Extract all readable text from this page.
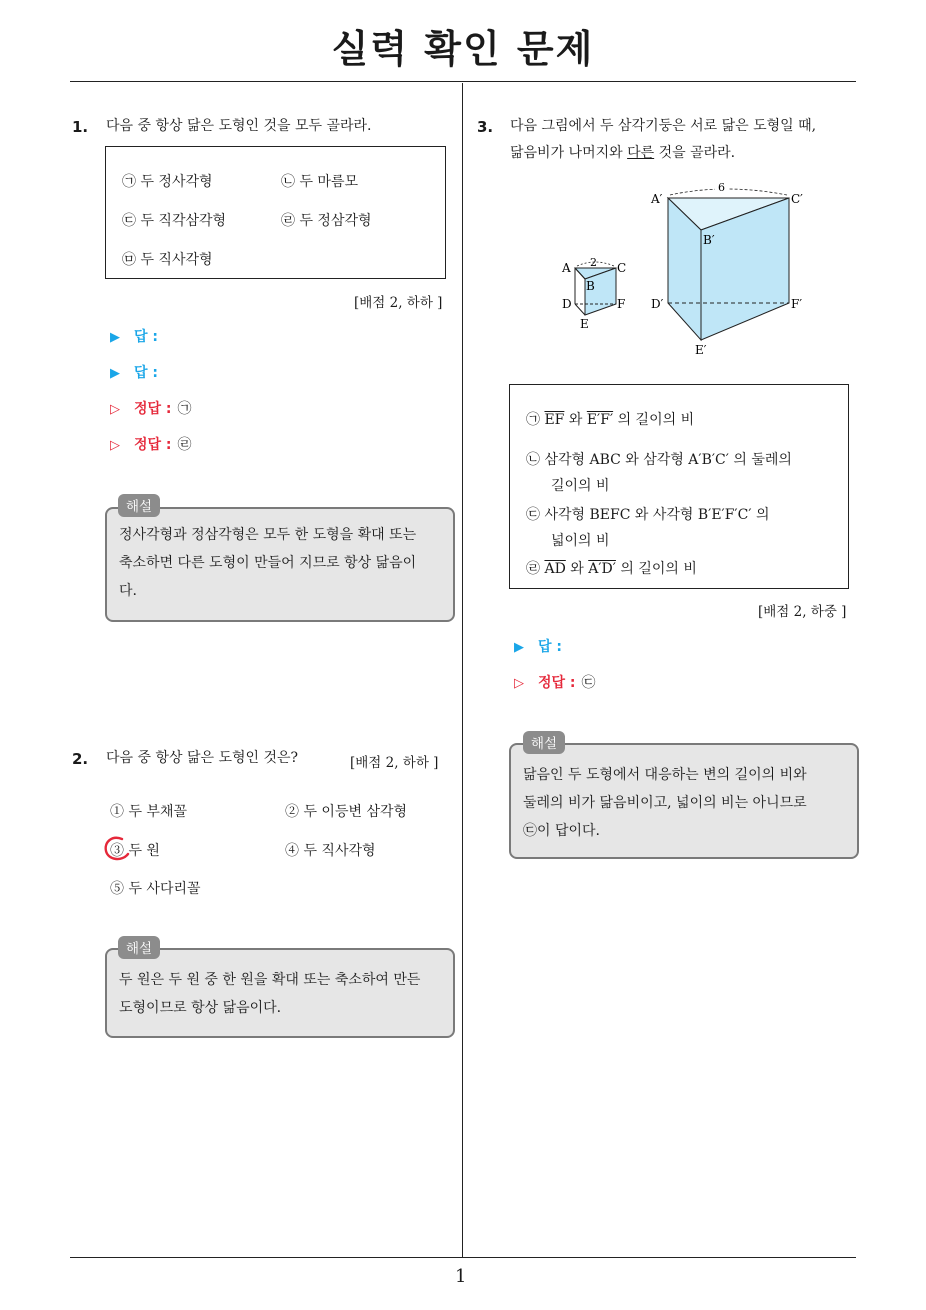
실력 확인 문제
1
1. 다음 중 항상 닮은 도형인 것을 모두 골라라.
㉠ 두 정사각형	㉡ 두 마름모
㉢ 두 직각삼각형	㉣ 두 정삼각형
㉤ 두 직사각형
[배점 2, 하하 ]
▶ 답 :
▶ 답 :
▷ 정답 : ㉠
▷ 정답 : ㉣
정사각형과 정삼각형은 모두 한 도형을 확대 또는
축소하면 다른 도형이 만들어 지므로 항상 닮음이
다.
해설
2. 다음 중 항상 닮은 도형인 것은?	[배점 2, 하하 ]
① 두 부채꼴	② 두 이등변 삼각형
③ 두 원	④ 두 직사각형
⑤ 두 사다리꼴
두 원은 두 원 중 한 원을 확대 또는 축소하여 만든
도형이므로 항상 닮음이다.
해설
3. 다음 그림에서 두 삼각기둥은 서로 닮은 도형일 때,
닮음비가 나머지와 다른 것을 골라라.
2
A
B
C
D
E
F
6
A′
B′
C′
D′
E′
F′
㉠ $\overline{EF}$ 와 E′F′ 의 길이의 비
㉡ 삼각형 ABC 와 삼각형 A′B′C′ 의 둘레의
길이의 비
㉢ 사각형 BEFC 와 사각형 B′E′F′C′ 의
넓이의 비
㉣ $\overline{AD}$ 와 A′D′ 의 길이의 비
[배점 2, 하중 ]
▶ 답 :
▷ 정답 : ㉢
닮음인 두 도형에서 대응하는 변의 길이의 비와
둘레의 비가 닮음비이고, 넓이의 비는 아니므로
㉢이 답이다.
해설
